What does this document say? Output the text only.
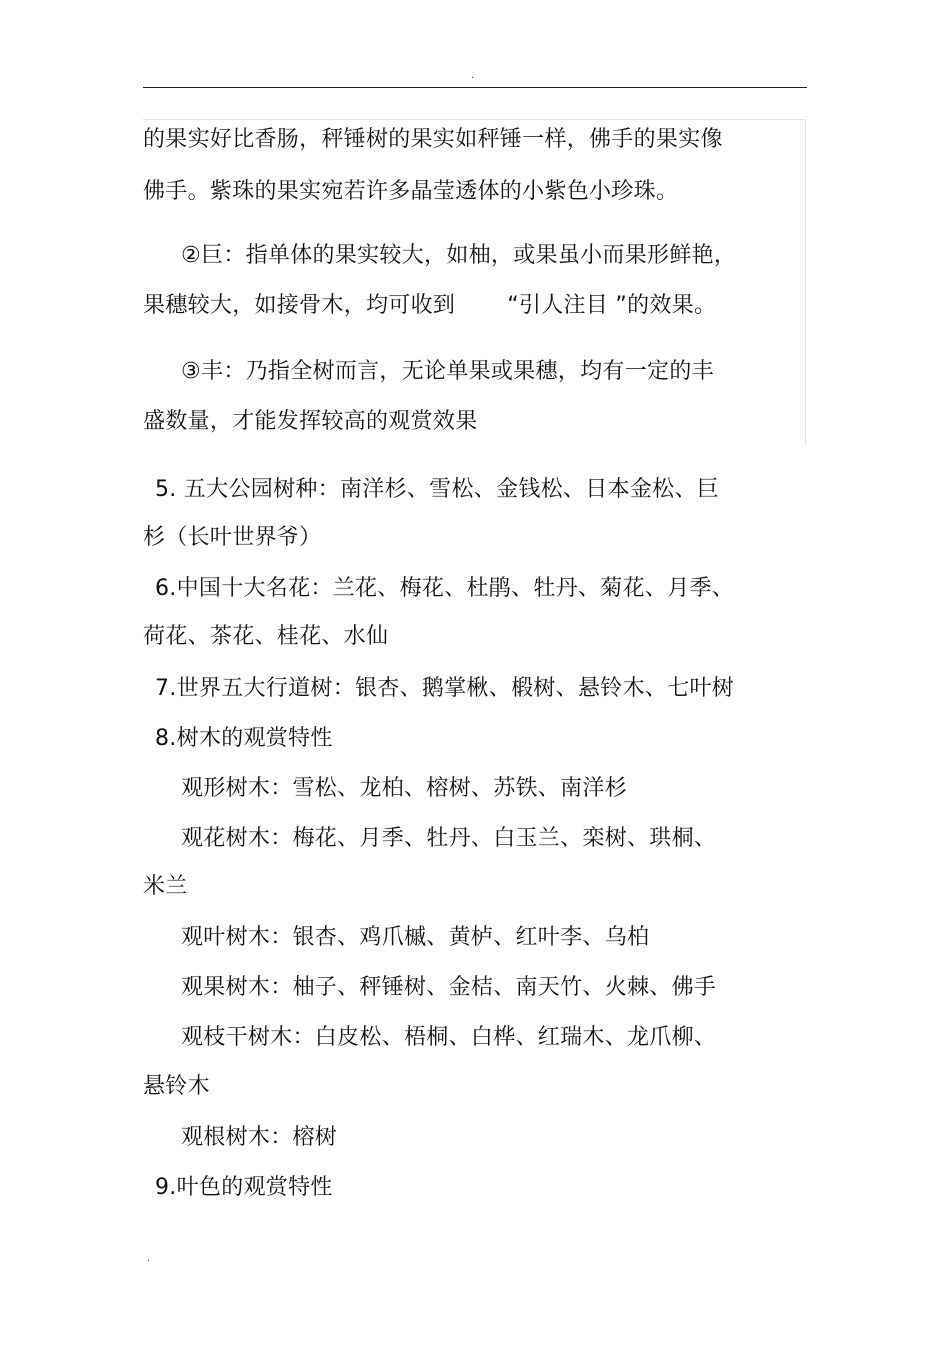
.
的果实好比香肠，秤锤树的果实如秤锤一样，佛手的果实像
佛手。紫珠的果实宛若许多晶莹透体的小紫色小珍珠。
②巨：指单体的果实较大，如柚，或果虽小而果形鲜艳，
果穗较大，如接骨木，均可收到 “引人注目 ”的效果。
③丰：乃指全树而言，无论单果或果穗，均有一定的丰
盛数量，才能发挥较高的观赏效果
5. 五大公园树种：南洋杉、雪松、金钱松、日本金松、巨
杉（长叶世界爷）
6.中国十大名花：兰花、梅花、杜鹃、牡丹、菊花、月季、
荷花、茶花、桂花、水仙
7.世界五大行道树：银杏、鹅掌楸、椴树、悬铃木、七叶树
8.树木的观赏特性
观形树木：雪松、龙柏、榕树、苏铁、南洋杉
观花树木：梅花、月季、牡丹、白玉兰、栾树、珙桐、
米兰
观叶树木：银杏、鸡爪槭、黄栌、红叶李、乌柏
观果树木：柚子、秤锤树、金桔、南天竹、火棘、佛手
观枝干树木：白皮松、梧桐、白桦、红瑞木、龙爪柳、
悬铃木
观根树木：榕树
9.叶色的观赏特性
.
